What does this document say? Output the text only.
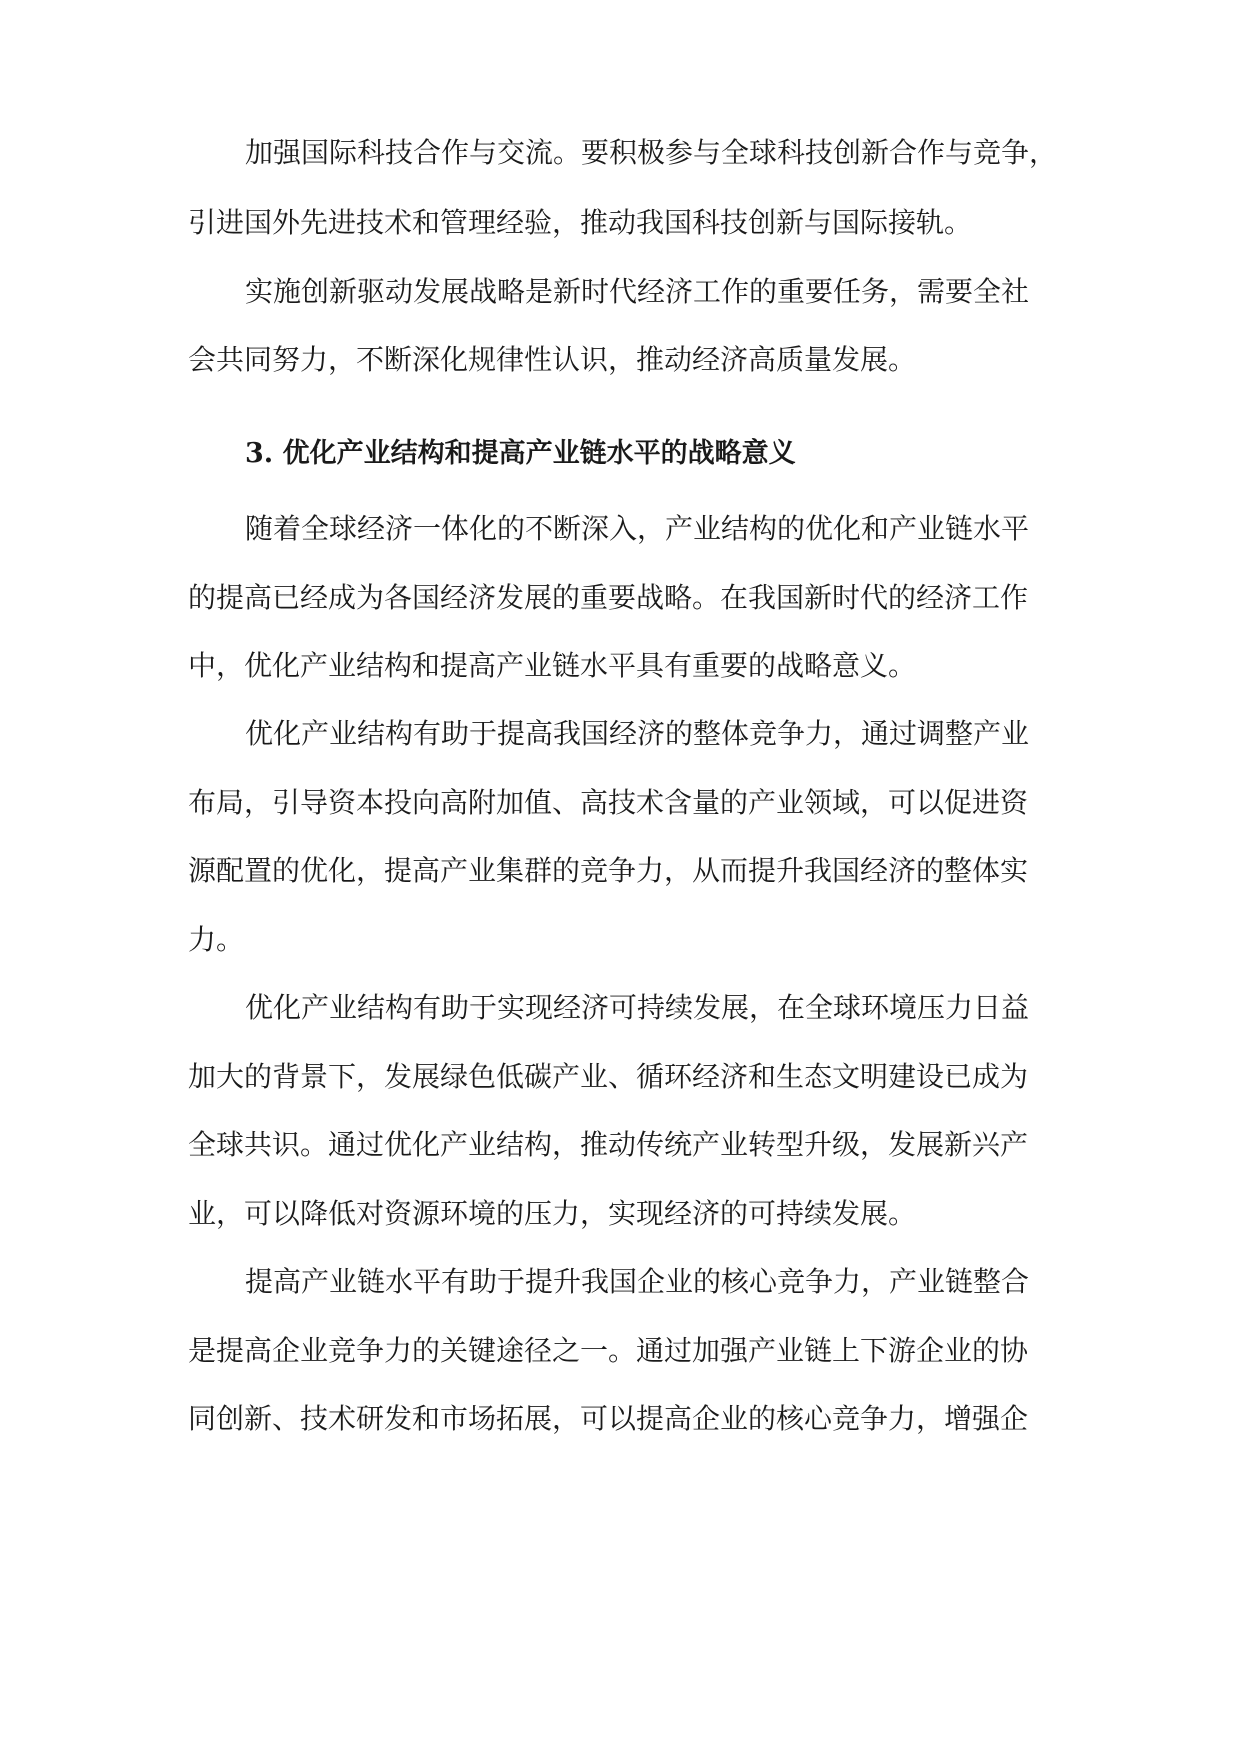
加强国际科技合作与交流。要积极参与全球科技创新合作与竞争，
引进国外先进技术和管理经验，推动我国科技创新与国际接轨。
实施创新驱动发展战略是新时代经济工作的重要任务，需要全社
会共同努力，不断深化规律性认识，推动经济高质量发展。
3. 优化产业结构和提高产业链水平的战略意义
随着全球经济一体化的不断深入，产业结构的优化和产业链水平
的提高已经成为各国经济发展的重要战略。在我国新时代的经济工作
中，优化产业结构和提高产业链水平具有重要的战略意义。
优化产业结构有助于提高我国经济的整体竞争力，通过调整产业
布局，引导资本投向高附加值、高技术含量的产业领域，可以促进资
源配置的优化，提高产业集群的竞争力，从而提升我国经济的整体实
力。
优化产业结构有助于实现经济可持续发展，在全球环境压力日益
加大的背景下，发展绿色低碳产业、循环经济和生态文明建设已成为
全球共识。通过优化产业结构，推动传统产业转型升级，发展新兴产
业，可以降低对资源环境的压力，实现经济的可持续发展。
提高产业链水平有助于提升我国企业的核心竞争力，产业链整合
是提高企业竞争力的关键途径之一。通过加强产业链上下游企业的协
同创新、技术研发和市场拓展，可以提高企业的核心竞争力，增强企
